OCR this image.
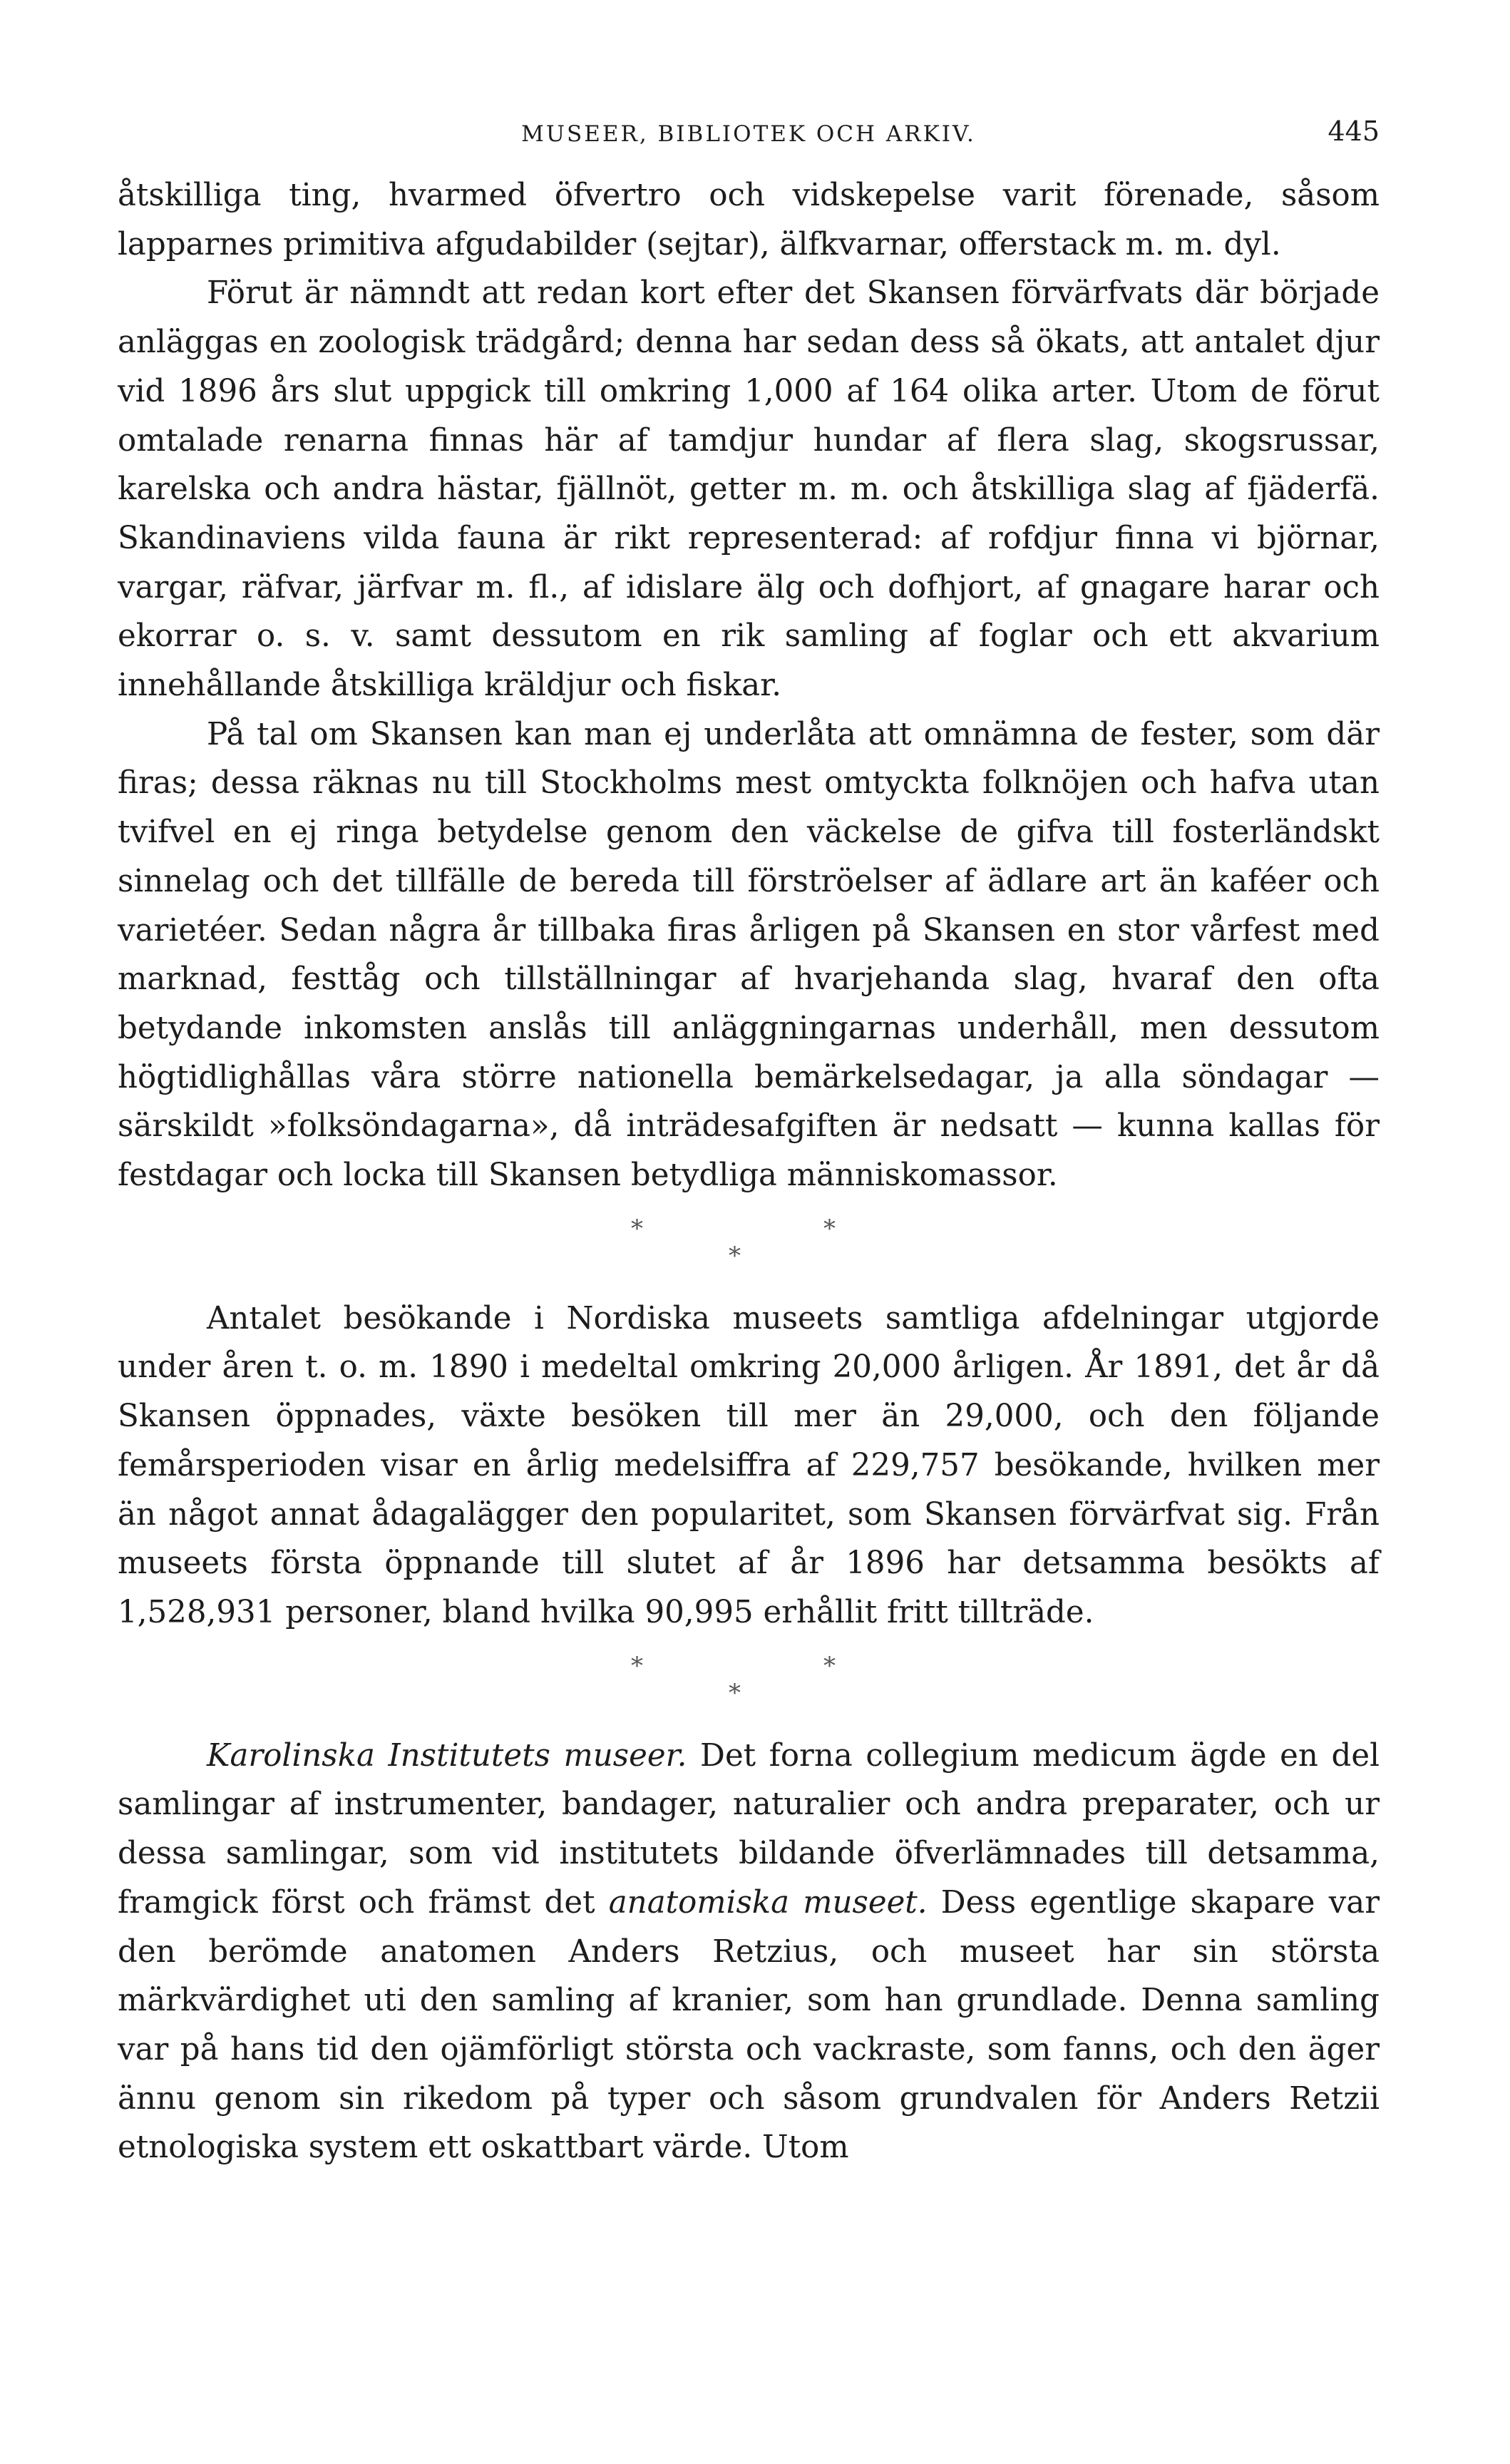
MUSEER, BIBLIOTEK OCH ARKIV.	445

åtskilliga ting, hvarmed öfvertro och vidskepelse varit förenade, såsom lapparnes primitiva afgudabilder (sejtar), älfkvarnar, offerstack m. m. dyl.

Förut är nämndt att redan kort efter det Skansen förvärfvats där började anläggas en zoologisk trädgård; denna har sedan dess så ökats, att antalet djur vid 1896 års slut uppgick till omkring 1,000 af 164 olika arter. Utom de förut omtalade renarna finnas här af tamdjur hundar af flera slag, skogsrussar, karelska och andra hästar, fjällnöt, getter m. m. och åtskilliga slag af fjäderfä. Skandinaviens vilda fauna är rikt representerad: af rofdjur finna vi björnar, vargar, räfvar, järfvar m. fl., af idislare älg och dofhjort, af gnagare harar och ekorrar o. s. v. samt dessutom en rik samling af foglar och ett akvarium innehållande åtskilliga kräldjur och fiskar.

På tal om Skansen kan man ej underlåta att omnämna de fester, som där firas; dessa räknas nu till Stockholms mest omtyckta folknöjen och hafva utan tvifvel en ej ringa betydelse genom den väckelse de gifva till fosterländskt sinnelag och det tillfälle de bereda till förströelser af ädlare art än kaféer och varietéer. Sedan några år tillbaka firas årligen på Skansen en stor vårfest med marknad, festtåg och tillställningar af hvarjehanda slag, hvaraf den ofta betydande inkomsten anslås till anläggningarnas underhåll, men dessutom högtidlighållas våra större nationella bemärkelsedagar, ja alla söndagar — särskildt »folksöndagarna», då inträdesafgiften är nedsatt — kunna kallas för festdagar och locka till Skansen betydliga människomassor.

*	*
*

Antalet besökande i Nordiska museets samtliga afdelningar utgjorde under åren t. o. m. 1890 i medeltal omkring 20,000 årligen. År 1891, det år då Skansen öppnades, växte besöken till mer än 29,000, och den följande femårsperioden visar en årlig medelsiffra af 229,757 besökande, hvilken mer än något annat ådagalägger den popularitet, som Skansen förvärfvat sig. Från museets första öppnande till slutet af år 1896 har detsamma besökts af 1,528,931 personer, bland hvilka 90,995 erhållit fritt tillträde.

*	*
*

Karolinska Institutets museer. Det forna collegium medicum ägde en del samlingar af instrumenter, bandager, naturalier och andra preparater, och ur dessa samlingar, som vid institutets bildande öfverlämnades till detsamma, framgick först och främst det anatomiska museet. Dess egentlige skapare var den berömde anatomen Anders Retzius, och museet har sin största märkvärdighet uti den samling af kranier, som han grundlade. Denna samling var på hans tid den ojämförligt största och vackraste, som fanns, och den äger ännu genom sin rikedom på typer och såsom grundvalen för Anders Retzii etnologiska system ett oskattbart värde. Utom
